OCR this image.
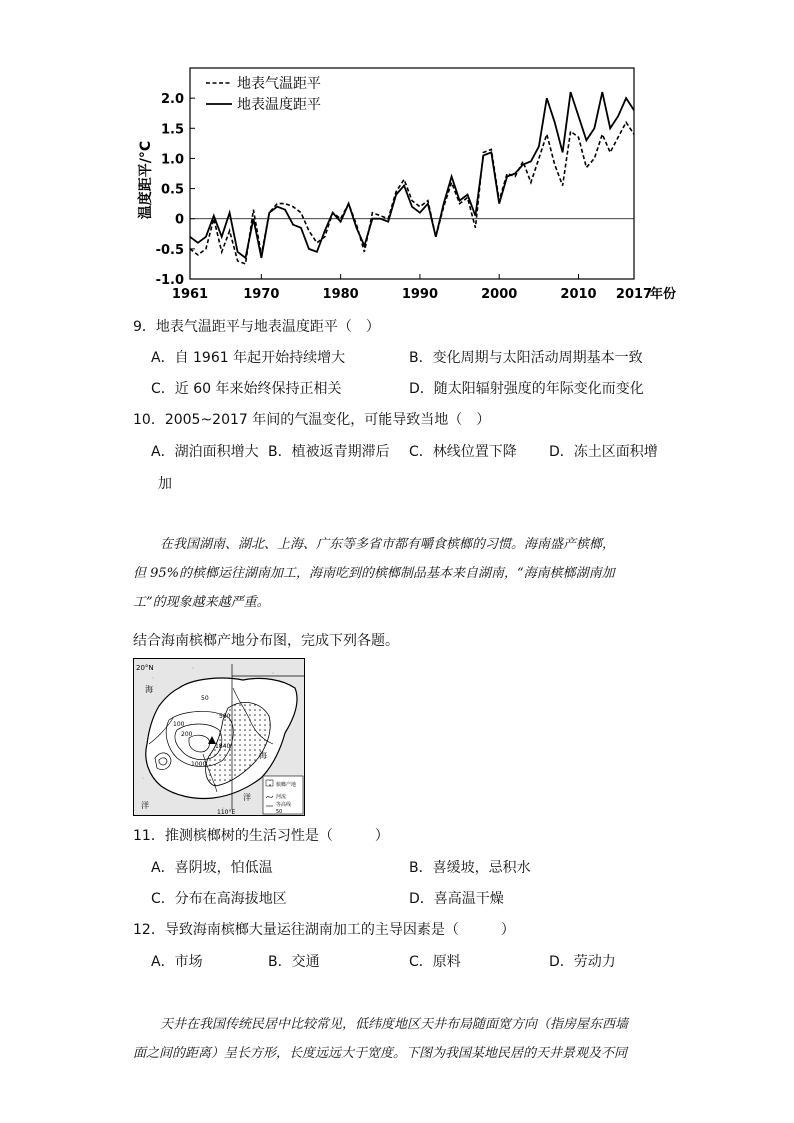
-1.0
-0.5
0
0.5
1.0
1.5
2.0
1961	1970	1980	1990	2000	2010 2017
年份
温度距平/°C
地表气温距平
地表温度距平
9．地表气温距平与地表温度距平（　）
A．自 1961 年起开始持续增大	B．变化周期与太阳活动周期基本一致
C．近 60 年来始终保持正相关	D．随太阳辐射强度的年际变化而变化
10．2005~2017 年间的气温变化，可能导致当地（　）
A．湖泊面积增大 B．植被返青期滞后 C．林线位置下降 D．冻土区面积增
加
在我国湖南、湖北、上海、广东等多省市都有嚼食槟榔的习惯。海南盛产槟榔，
但 95%的槟榔运往湖南加工，海南吃到的槟榔制品基本来自湖南，“海南槟榔湖南加
工”的现象越来越严重。
结合海南槟榔产地分布图，完成下列各题。
20°N
海
海
洋
洋
110°E
50
100
200
500
1000
1840
槟榔产地
河流
等高线
50
11．推测槟榔树的生活习性是（　　　）
A．喜阴坡，怕低温	B．喜缓坡，忌积水
C．分布在高海拔地区	D．喜高温干燥
12．导致海南槟榔大量运往湖南加工的主导因素是（　　　）
A．市场	B．交通	C．原料	D．劳动力
天井在我国传统民居中比较常见，低纬度地区天井布局随面宽方向（指房屋东西墙
面之间的距离）呈长方形，长度远远大于宽度。下图为我国某地民居的天井景观及不同
